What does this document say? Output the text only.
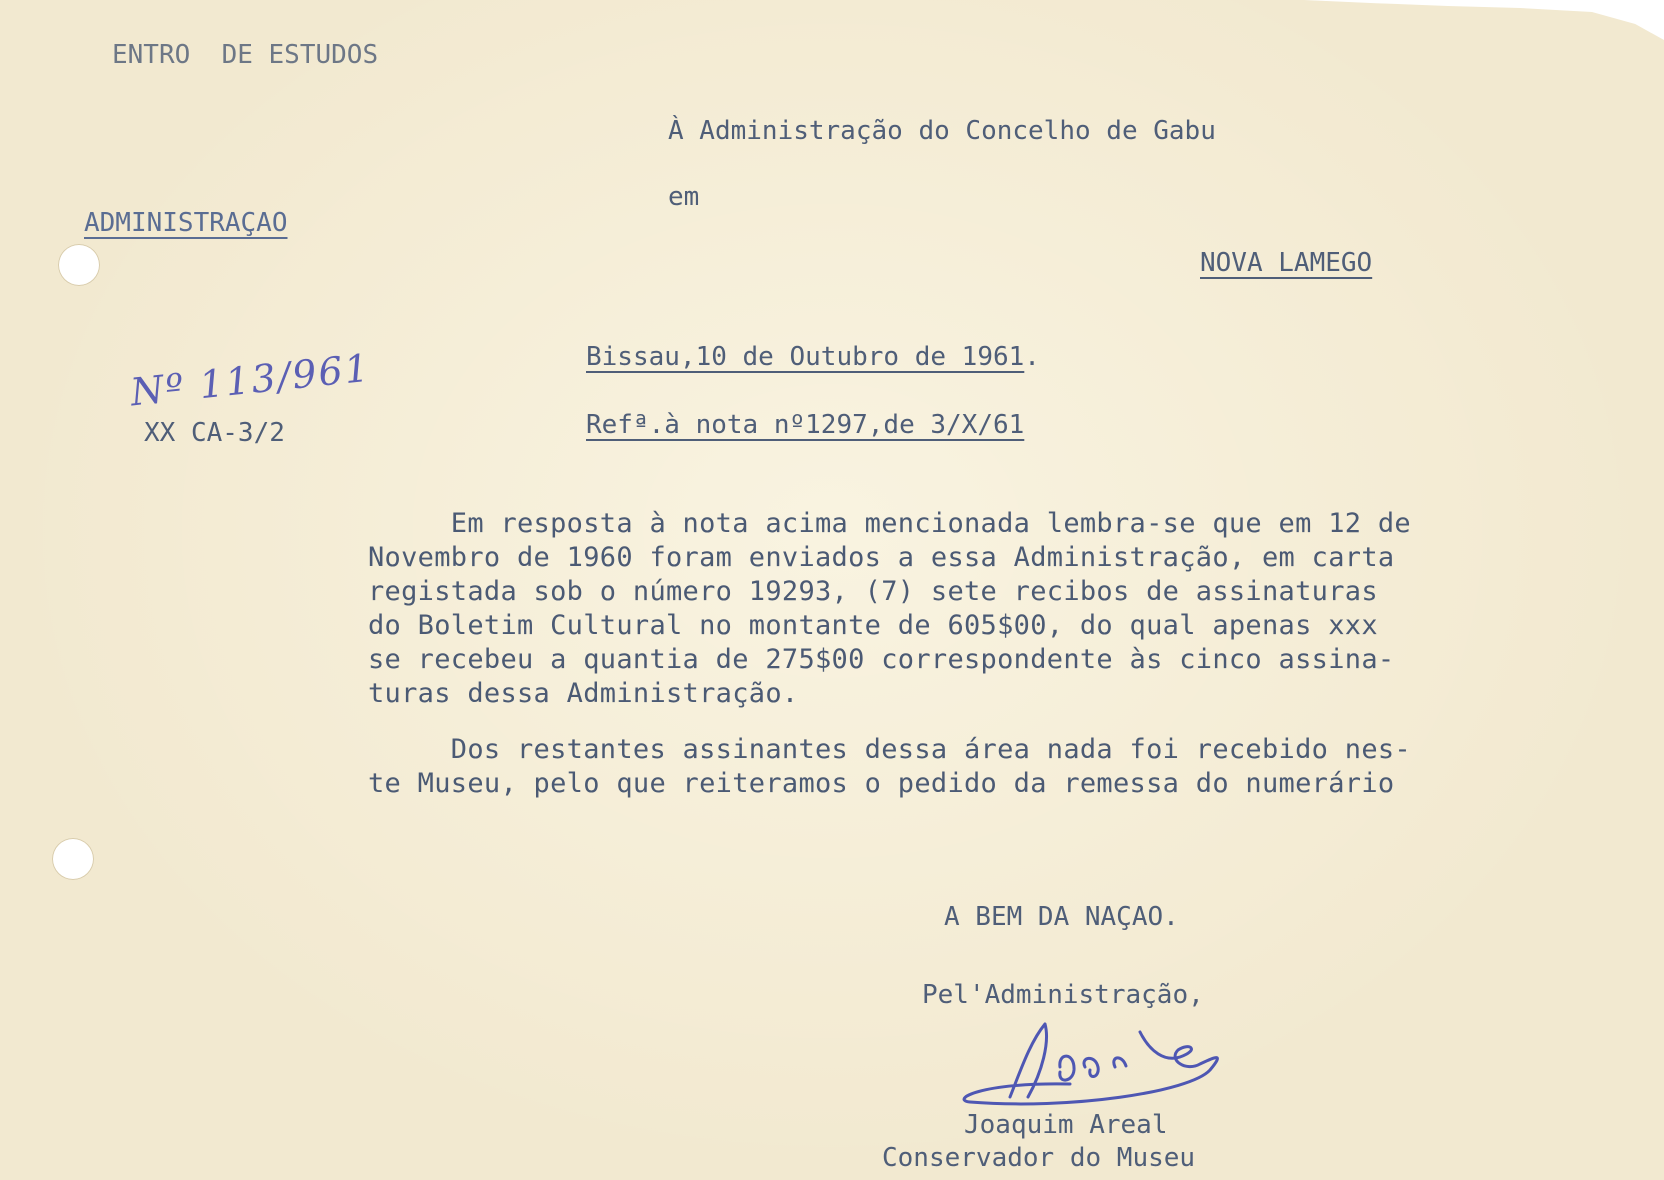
ENTRO  DE ESTUDOS
ADMINISTRAÇAO
À Administração do Concelho de Gabu
em
NOVA LAMEGO
Nº 113/961
XX CA-3/2
Bissau,10 de Outubro de 1961.
Refª.à nota nº1297,de 3/X/61
Em resposta à nota acima mencionada lembra-se que em 12 de
Novembro de 1960 foram enviados a essa Administração, em carta
registada sob o número 19293, (7) sete recibos de assinaturas
do Boletim Cultural no montante de 605$00, do qual apenas xxx
se recebeu a quantia de 275$00 correspondente às cinco assina-
turas dessa Administração.
Dos restantes assinantes dessa área nada foi recebido nes-
te Museu, pelo que reiteramos o pedido da remessa do numerário
A BEM DA NAÇAO.
Pel'Administração,
Joaquim Areal
Conservador do Museu
